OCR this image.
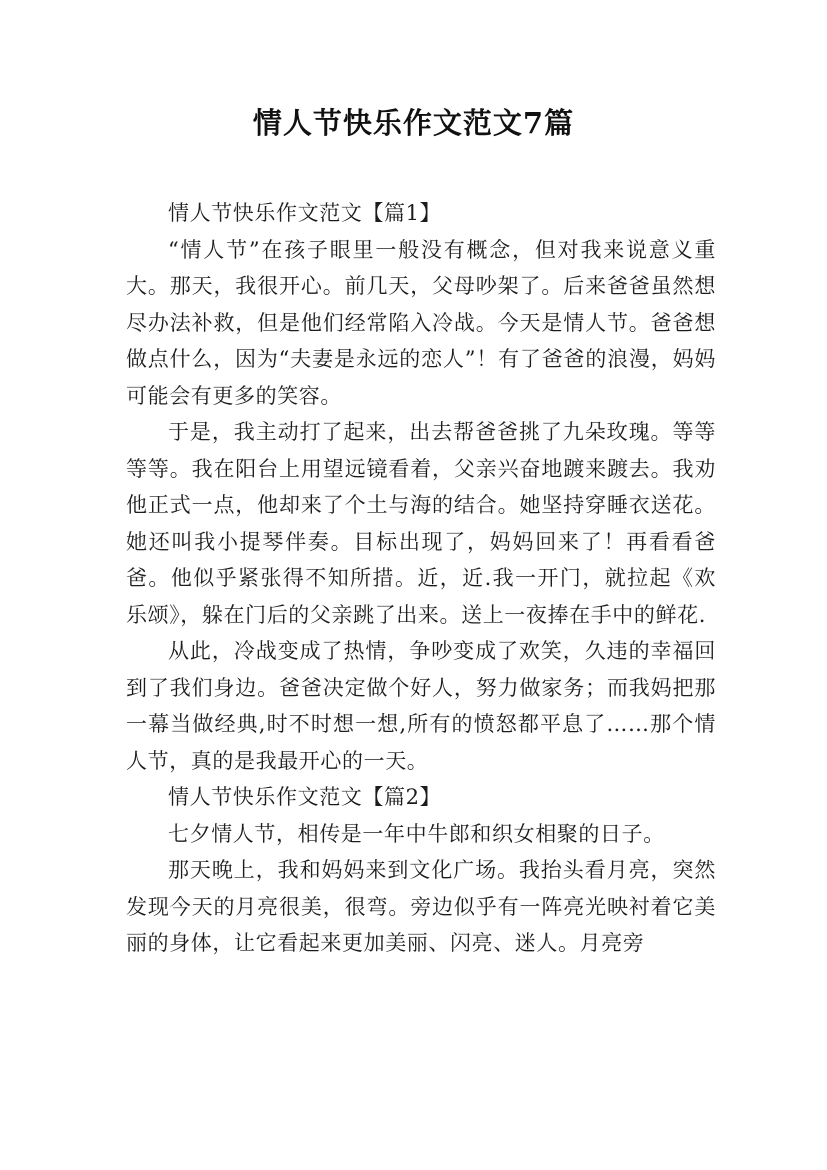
情人节快乐作文范文7篇

情人节快乐作文范文【篇1】

“情人节”在孩子眼里一般没有概念，但对我来说意义重大。那天，我很开心。前几天，父母吵架了。后来爸爸虽然想尽办法补救，但是他们经常陷入冷战。今天是情人节。爸爸想做点什么，因为“夫妻是永远的恋人”！有了爸爸的浪漫，妈妈可能会有更多的笑容。

于是，我主动打了起来，出去帮爸爸挑了九朵玫瑰。等等等等。我在阳台上用望远镜看着，父亲兴奋地踱来踱去。我劝他正式一点，他却来了个土与海的结合。她坚持穿睡衣送花。她还叫我小提琴伴奏。目标出现了，妈妈回来了！再看看爸爸。他似乎紧张得不知所措。近，近.我一开门，就拉起《欢乐颂》，躲在门后的父亲跳了出来。送上一夜捧在手中的鲜花.

从此，冷战变成了热情，争吵变成了欢笑，久违的幸福回到了我们身边。爸爸决定做个好人，努力做家务；而我妈把那一幕当做经典,时不时想一想,所有的愤怒都平息了……那个情人节，真的是我最开心的一天。

情人节快乐作文范文【篇2】

七夕情人节，相传是一年中牛郎和织女相聚的日子。

那天晚上，我和妈妈来到文化广场。我抬头看月亮，突然发现今天的月亮很美，很弯。旁边似乎有一阵亮光映衬着它美丽的身体，让它看起来更加美丽、闪亮、迷人。月亮旁
